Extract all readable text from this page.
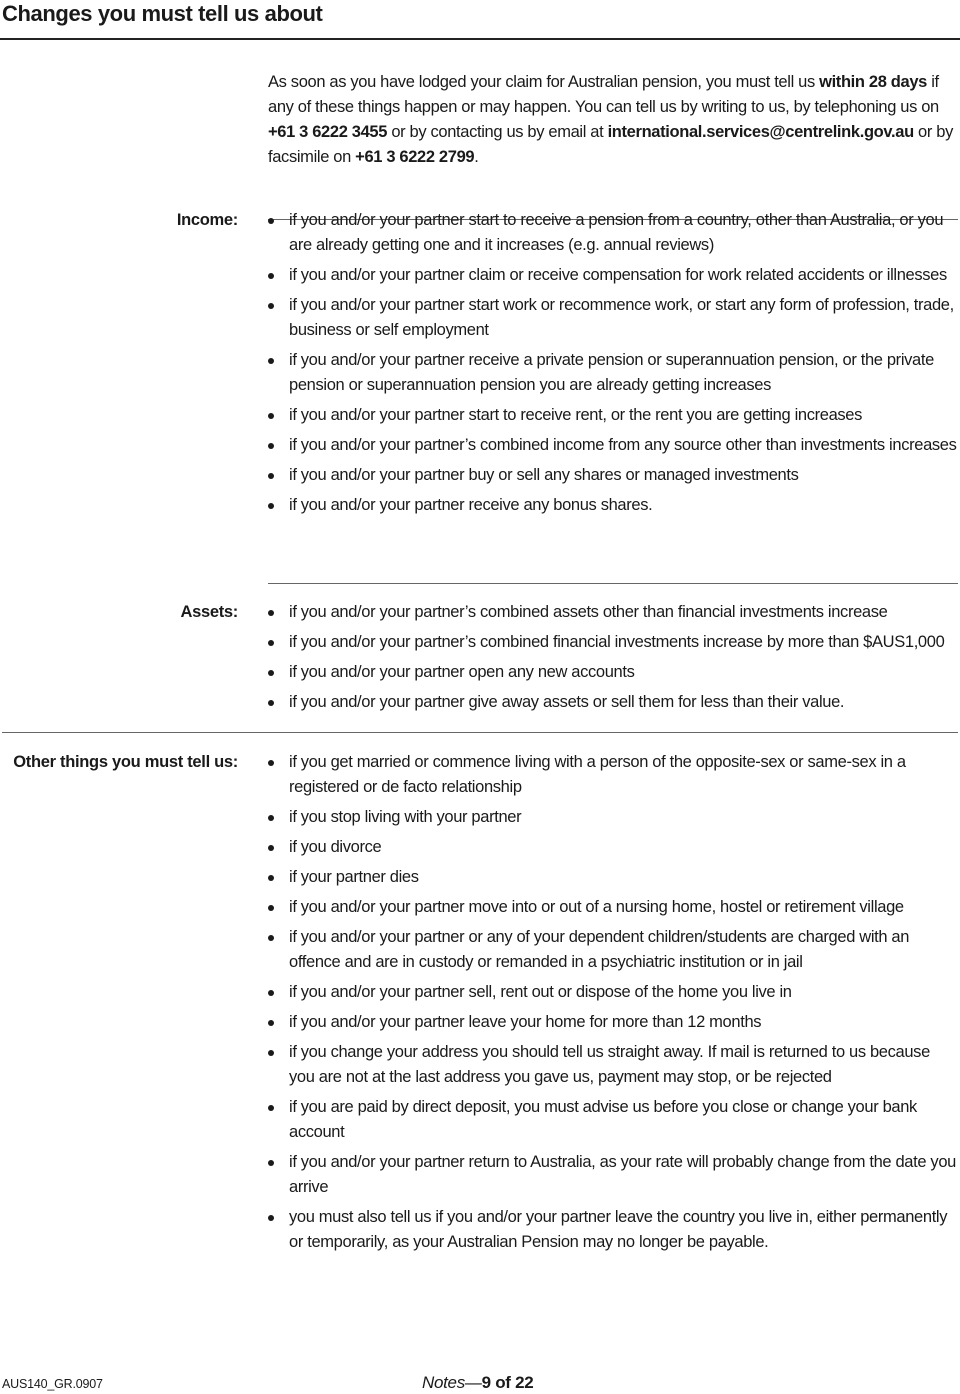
Changes you must tell us about

As soon as you have lodged your claim for Australian pension, you must tell us within 28 days if any of these things happen or may happen. You can tell us by writing to us, by telephoning us on +61 3 6222 3455 or by contacting us by email at international.services@centrelink.gov.au or by facsimile on +61 3 6222 2799.

Income:	if you and/or your partner start to receive a pension from a country, other than Australia, or you are already getting one and it increases (e.g. annual reviews)
if you and/or your partner claim or receive compensation for work related accidents or illnesses
if you and/or your partner start work or recommence work, or start any form of profession, trade, business or self employment
if you and/or your partner receive a private pension or superannuation pension, or the private pension or superannuation pension you are already getting increases
if you and/or your partner start to receive rent, or the rent you are getting increases
if you and/or your partner’s combined income from any source other than investments increases
if you and/or your partner buy or sell any shares or managed investments
if you and/or your partner receive any bonus shares.
Assets:	if you and/or your partner’s combined assets other than financial investments increase
if you and/or your partner’s combined financial investments increase by more than $AUS1,000
if you and/or your partner open any new accounts
if you and/or your partner give away assets or sell them for less than their value.
Other things you must tell us:	if you get married or commence living with a person of the opposite-sex or same-sex in a registered or de facto relationship
if you stop living with your partner
if you divorce
if your partner dies
if you and/or your partner move into or out of a nursing home, hostel or retirement village
if you and/or your partner or any of your dependent children/students are charged with an offence and are in custody or remanded in a psychiatric institution or in jail
if you and/or your partner sell, rent out or dispose of the home you live in
if you and/or your partner leave your home for more than 12 months
if you change your address you should tell us straight away. If mail is returned to us because you are not at the last address you gave us, payment may stop, or be rejected
if you are paid by direct deposit, you must advise us before you close or change your bank account
if you and/or your partner return to Australia, as your rate will probably change from the date you arrive
you must also tell us if you and/or your partner leave the country you live in, either permanently or temporarily, as your Australian Pension may no longer be payable.
AUS140_GR.0907	Notes—9 of 22
